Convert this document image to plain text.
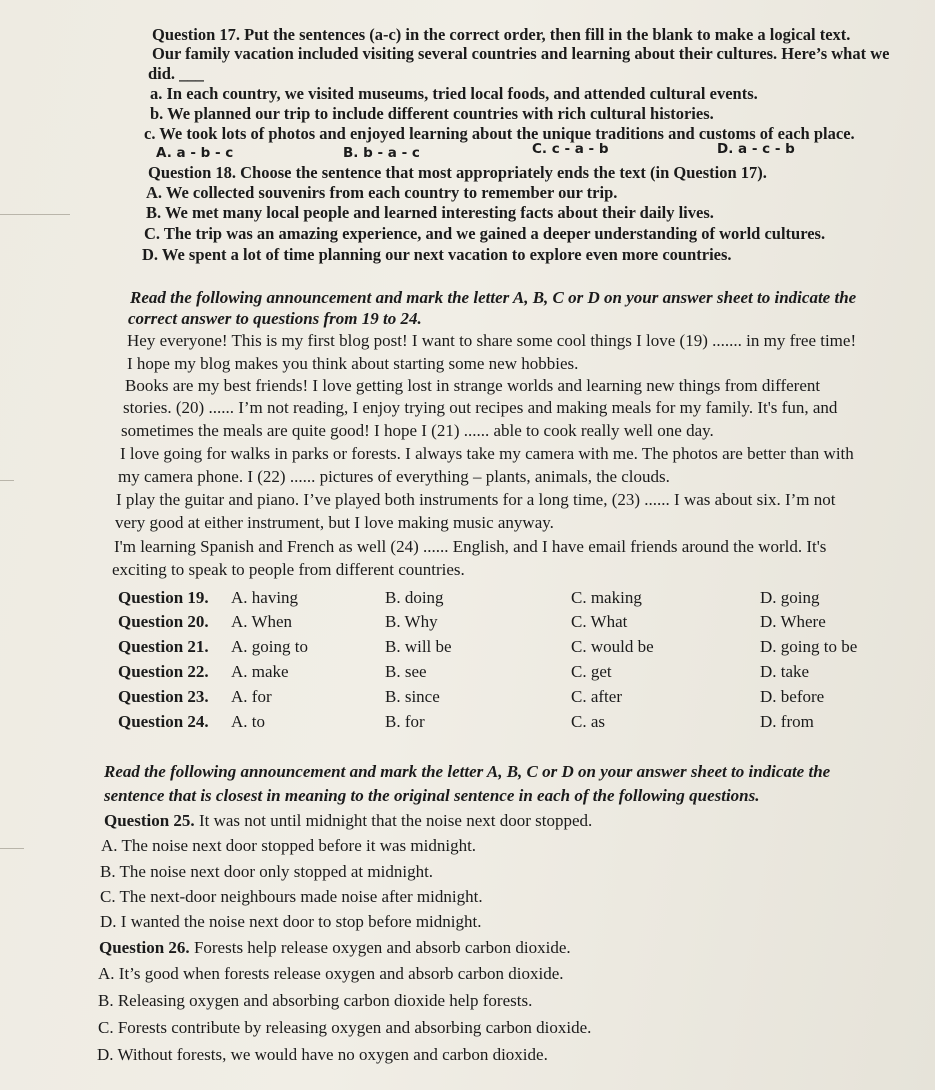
Question 17. Put the sentences (a-c) in the correct order, then fill in the blank to make a logical text.
Our family vacation included visiting several countries and learning about their cultures. Here’s what we
did. ___
a. In each country, we visited museums, tried local foods, and attended cultural events.
b. We planned our trip to include different countries with rich cultural histories.
c. We took lots of photos and enjoyed learning about the unique traditions and customs of each place.
A. a - b - c	B. b - a - c	C. c - a - b	D. a - c - b
Question 18. Choose the sentence that most appropriately ends the text (in Question 17).
A. We collected souvenirs from each country to remember our trip.
B. We met many local people and learned interesting facts about their daily lives.
C. The trip was an amazing experience, and we gained a deeper understanding of world cultures.
D. We spent a lot of time planning our next vacation to explore even more countries.
Read the following announcement and mark the letter A, B, C or D on your answer sheet to indicate the
correct answer to questions from 19 to 24.
Hey everyone! This is my first blog post! I want to share some cool things I love (19) ....... in my free time!
I hope my blog makes you think about starting some new hobbies.
Books are my best friends! I love getting lost in strange worlds and learning new things from different
stories. (20) ...... I’m not reading, I enjoy trying out recipes and making meals for my family. It's fun, and
sometimes the meals are quite good! I hope I (21) ...... able to cook really well one day.
I love going for walks in parks or forests. I always take my camera with me. The photos are better than with
my camera phone. I (22) ...... pictures of everything – plants, animals, the clouds.
I play the guitar and piano. I’ve played both instruments for a long time, (23) ...... I was about six. I’m not
very good at either instrument, but I love making music anyway.
I'm learning Spanish and French as well (24) ...... English, and I have email friends around the world. It's
exciting to speak to people from different countries.
Question 19. A. having	B. doing	C. making	D. going
Question 20. A. When	B. Why	C. What	D. Where
Question 21. A. going to	B. will be	C. would be	D. going to be
Question 22. A. make	B. see	C. get	D. take
Question 23. A. for	B. since	C. after	D. before
Question 24. A. to	B. for	C. as	D. from
Read the following announcement and mark the letter A, B, C or D on your answer sheet to indicate the
sentence that is closest in meaning to the original sentence in each of the following questions.
Question 25. It was not until midnight that the noise next door stopped.
A. The noise next door stopped before it was midnight.
B. The noise next door only stopped at midnight.
C. The next-door neighbours made noise after midnight.
D. I wanted the noise next door to stop before midnight.
Question 26. Forests help release oxygen and absorb carbon dioxide.
A. It’s good when forests release oxygen and absorb carbon dioxide.
B. Releasing oxygen and absorbing carbon dioxide help forests.
C. Forests contribute by releasing oxygen and absorbing carbon dioxide.
D. Without forests, we would have no oxygen and carbon dioxide.
